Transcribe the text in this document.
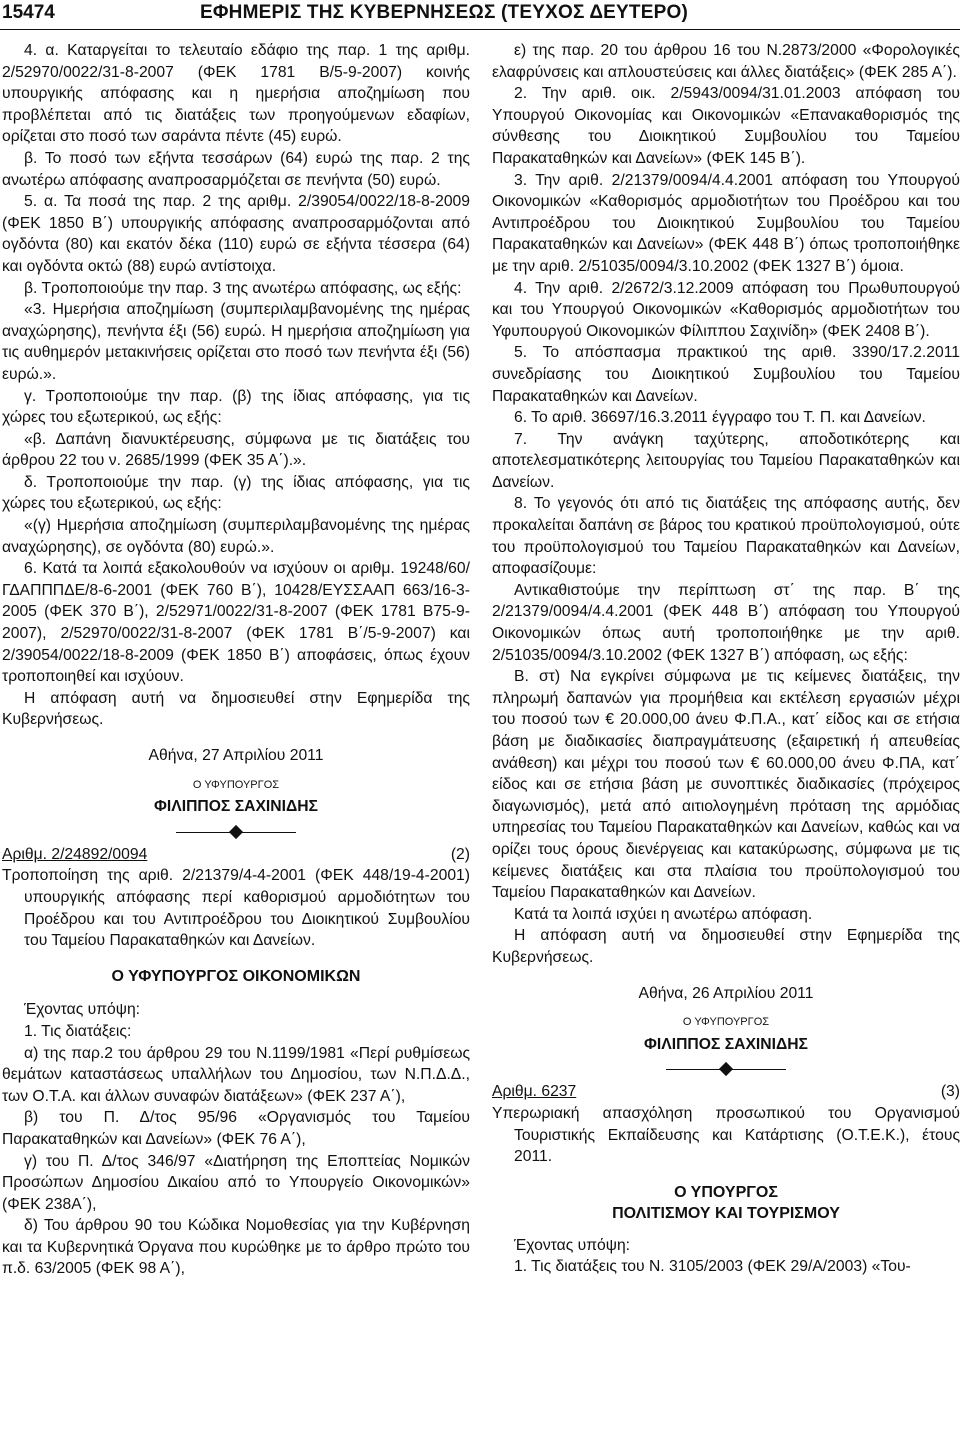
15474	ΕΦΗΜΕΡΙΣ ΤΗΣ ΚΥΒΕΡΝΗΣΕΩΣ (ΤΕΥΧΟΣ ΔΕΥΤΕΡΟ)

4. α. Καταργείται το τελευταίο εδάφιο της παρ. 1 της αριθμ. 2/52970/0022/31-8-2007 (ΦΕΚ 1781 Β/5-9-2007) κοινής υπουργικής απόφασης και η ημερήσια αποζημίωση που προβλέπεται από τις διατάξεις των προηγούμενων εδαφίων, ορίζεται στο ποσό των σαράντα πέντε (45) ευρώ.

β. Το ποσό των εξήντα τεσσάρων (64) ευρώ της παρ. 2 της ανωτέρω απόφασης αναπροσαρμόζεται σε πενήντα (50) ευρώ.

5. α. Τα ποσά της παρ. 2 της αριθμ. 2/39054/0022/18-8-2009 (ΦΕΚ 1850 Β΄) υπουργικής απόφασης αναπροσαρμόζονται από ογδόντα (80) και εκατόν δέκα (110) ευρώ σε εξήντα τέσσερα (64) και ογδόντα οκτώ (88) ευρώ αντίστοιχα.

β. Τροποποιούμε την παρ. 3 της ανωτέρω απόφασης, ως εξής:

«3. Ημερήσια αποζημίωση (συμπεριλαμβανομένης της ημέρας αναχώρησης), πενήντα έξι (56) ευρώ. Η ημερήσια αποζημίωση για τις αυθημερόν μετακινήσεις ορίζεται στο ποσό των πενήντα έξι (56) ευρώ.».

γ. Τροποποιούμε την παρ. (β) της ίδιας απόφασης, για τις χώρες του εξωτερικού, ως εξής:

«β. Δαπάνη διανυκτέρευσης, σύμφωνα με τις διατάξεις του άρθρου 22 του ν. 2685/1999 (ΦΕΚ 35 Α΄).».

δ. Τροποποιούμε την παρ. (γ) της ίδιας απόφασης, για τις χώρες του εξωτερικού, ως εξής:

«(γ) Ημερήσια αποζημίωση (συμπεριλαμβανομένης της ημέρας αναχώρησης), σε ογδόντα (80) ευρώ.».

6. Κατά τα λοιπά εξακολουθούν να ισχύουν οι αριθμ. 19248/60/ΓΔΑΠΠΠΔΕ/8-6-2001 (ΦΕΚ 760 Β΄), 10428/ΕΥΣΣΑΑΠ 663/16-3-2005 (ΦΕΚ 370 Β΄), 2/52971/0022/31-8-2007 (ΦΕΚ 1781 Β75-9-2007), 2/52970/0022/31-8-2007 (ΦΕΚ 1781 Β΄/5-9-2007) και 2/39054/0022/18-8-2009 (ΦΕΚ 1850 Β΄) αποφάσεις, όπως έχουν τροποποιηθεί και ισχύουν.

Η απόφαση αυτή να δημοσιευθεί στην Εφημερίδα της Κυβερνήσεως.

Αθήνα, 27 Απριλίου 2011

Ο ΥΦΥΠΟΥΡΓΟΣ

ΦΙΛΙΠΠΟΣ ΣΑΧΙΝΙΔΗΣ

Αριθμ. 2/24892/0094	(2)

Τροποποίηση της αριθ. 2/21379/4-4-2001 (ΦΕΚ 448/19-4-2001) υπουργικής απόφασης περί καθορισμού αρμοδιότητων του Προέδρου και του Αντιπροέδρου του Διοικητικού Συμβουλίου του Ταμείου Παρακαταθηκών και Δανείων.

Ο ΥΦΥΠΟΥΡΓΟΣ ΟΙΚΟΝΟΜΙΚΩΝ

Έχοντας υπόψη:

1. Τις διατάξεις:

α) της παρ.2 του άρθρου 29 του Ν.1199/1981 «Περί ρυθμίσεως θεμάτων καταστάσεως υπαλλήλων του Δημοσίου, των Ν.Π.Δ.Δ., των Ο.Τ.Α. και άλλων συναφών διατάξεων» (ΦΕΚ 237 Α΄),

β) του Π. Δ/τος 95/96 «Οργανισμός του Ταμείου Παρακαταθηκών και Δανείων» (ΦΕΚ 76 Α΄),

γ) του Π. Δ/τος 346/97 «Διατήρηση της Εποπτείας Νομικών Προσώπων Δημοσίου Δικαίου από το Υπουργείο Οικονομικών» (ΦΕΚ 238Α΄),

δ) Του άρθρου 90 του Κώδικα Νομοθεσίας για την Κυβέρνηση και τα Κυβερνητικά Όργανα που κυρώθηκε με το άρθρο πρώτο του π.δ. 63/2005 (ΦΕΚ 98 Α΄),

ε) της παρ. 20 του άρθρου 16 του Ν.2873/2000 «Φορολογικές ελαφρύνσεις και απλουστεύσεις και άλλες διατάξεις» (ΦΕΚ 285 Α΄).

2. Την αριθ. οικ. 2/5943/0094/31.01.2003 απόφαση του Υπουργού Οικονομίας και Οικονομικών «Επανακαθορισμός της σύνθεσης του Διοικητικού Συμβουλίου του Ταμείου Παρακαταθηκών και Δανείων» (ΦΕΚ 145 Β΄).

3. Την αριθ. 2/21379/0094/4.4.2001 απόφαση του Υπουργού Οικονομικών «Καθορισμός αρμοδιοτήτων του Προέδρου και του Αντιπροέδρου του Διοικητικού Συμβουλίου του Ταμείου Παρακαταθηκών και Δανείων» (ΦΕΚ 448 Β΄) όπως τροποποιήθηκε με την αριθ. 2/51035/0094/3.10.2002 (ΦΕΚ 1327 Β΄) όμοια.

4. Την αριθ. 2/2672/3.12.2009 απόφαση του Πρωθυπουργού και του Υπουργού Οικονομικών «Καθορισμός αρμοδιοτήτων του Υφυπουργού Οικονομικών Φίλιππου Σαχινίδη» (ΦΕΚ 2408 Β΄).

5. Το απόσπασμα πρακτικού της αριθ. 3390/17.2.2011 συνεδρίασης του Διοικητικού Συμβουλίου του Ταμείου Παρακαταθηκών και Δανείων.

6. Το αριθ. 36697/16.3.2011 έγγραφο του Τ. Π. και Δανείων.

7. Την ανάγκη ταχύτερης, αποδοτικότερης και αποτελεσματικότερης λειτουργίας του Ταμείου Παρακαταθηκών και Δανείων.

8. Το γεγονός ότι από τις διατάξεις της απόφασης αυτής, δεν προκαλείται δαπάνη σε βάρος του κρατικού προϋπολογισμού, ούτε του προϋπολογισμού του Ταμείου Παρακαταθηκών και Δανείων, αποφασίζουμε:

Αντικαθιστούμε την περίπτωση στ΄ της παρ. Β΄ της 2/21379/0094/4.4.2001 (ΦΕΚ 448 Β΄) απόφαση του Υπουργού Οικονομικών όπως αυτή τροποποιήθηκε με την αριθ. 2/51035/0094/3.10.2002 (ΦΕΚ 1327 Β΄) απόφαση, ως εξής:

Β. στ) Να εγκρίνει σύμφωνα με τις κείμενες διατάξεις, την πληρωμή δαπανών για προμήθεια και εκτέλεση εργασιών μέχρι του ποσού των € 20.000,00 άνευ Φ.Π.Α., κατ΄ είδος και σε ετήσια βάση με διαδικασίες διαπραγμάτευσης (εξαιρετική ή απευθείας ανάθεση) και μέχρι του ποσού των € 60.000,00 άνευ Φ.ΠΑ, κατ΄ είδος και σε ετήσια βάση με συνοπτικές διαδικασίες (πρόχειρος διαγωνισμός), μετά από αιτιολογημένη πρόταση της αρμόδιας υπηρεσίας του Ταμείου Παρακαταθηκών και Δανείων, καθώς και να ορίζει τους όρους διενέργειας και κατακύρωσης, σύμφωνα με τις κείμενες διατάξεις και στα πλαίσια του προϋπολογισμού του Ταμείου Παρακαταθηκών και Δανείων.

Κατά τα λοιπά ισχύει η ανωτέρω απόφαση.

Η απόφαση αυτή να δημοσιευθεί στην Εφημερίδα της Κυβερνήσεως.

Αθήνα, 26 Απριλίου 2011

Ο ΥΦΥΠΟΥΡΓΟΣ

ΦΙΛΙΠΠΟΣ ΣΑΧΙΝΙΔΗΣ

Αριθμ. 6237	(3)

Υπερωριακή απασχόληση προσωπικού του Οργανισμού Τουριστικής Εκπαίδευσης και Κατάρτισης (Ο.Τ.Ε.Κ.), έτους 2011.

Ο ΥΠΟΥΡΓΟΣ

ΠΟΛΙΤΙΣΜΟΥ ΚΑΙ ΤΟΥΡΙΣΜΟΥ

Έχοντας υπόψη:

1. Τις διατάξεις του Ν. 3105/2003 (ΦΕΚ 29/Α/2003) «Του-
